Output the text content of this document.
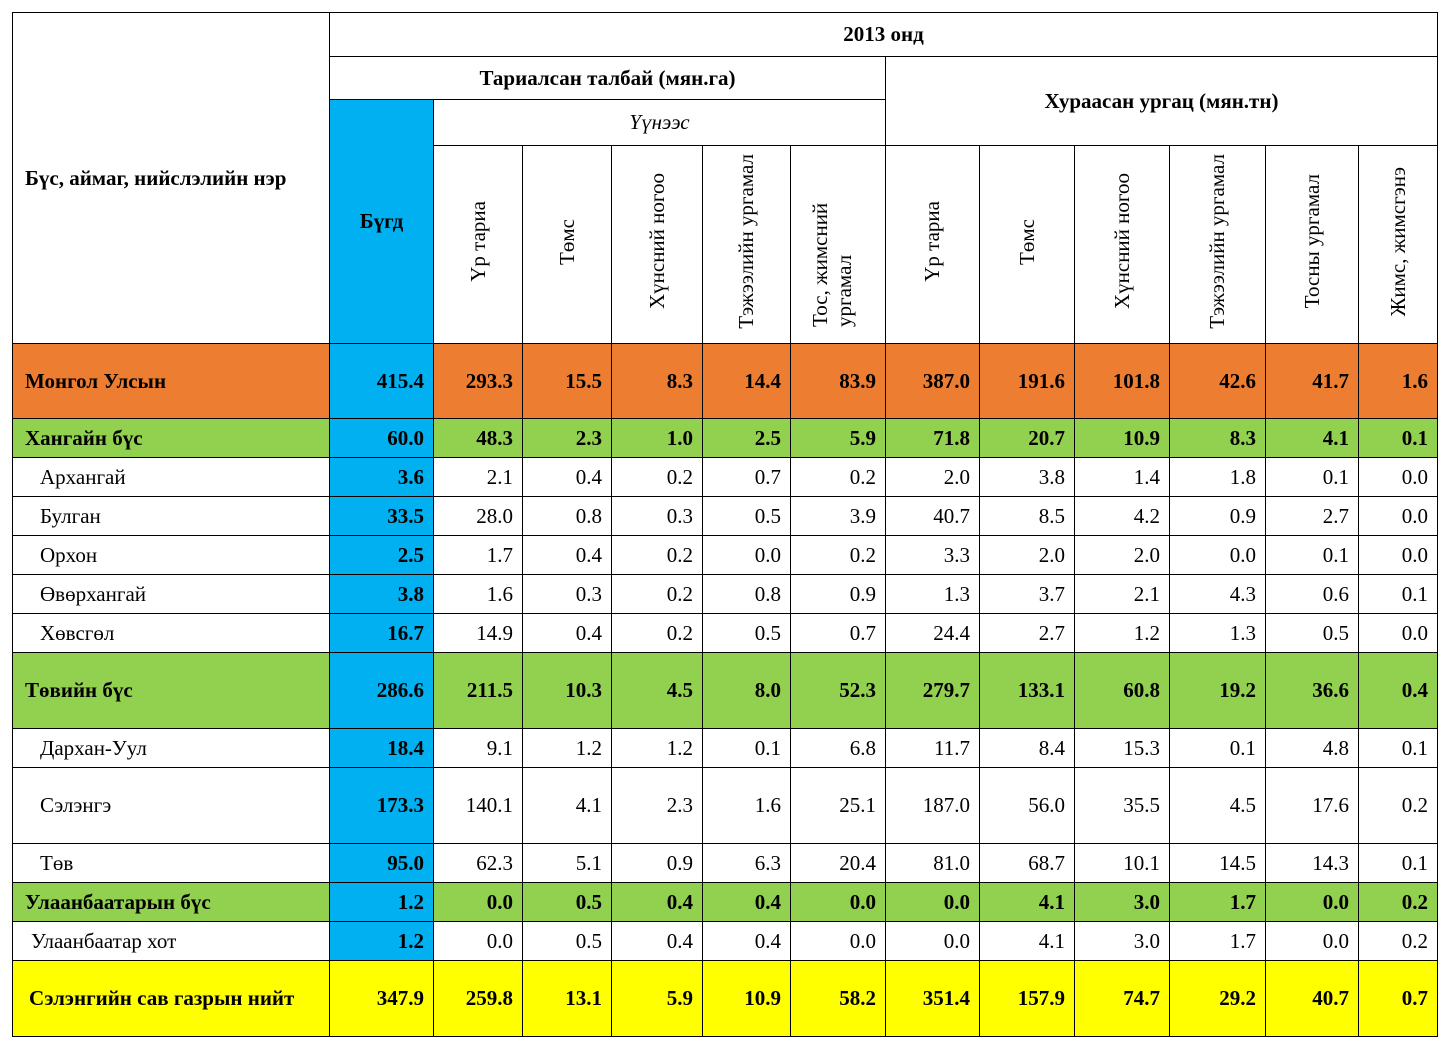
Бүс, аймаг, нийслэлийн нэр	2013 онд											
	Тариалсан талбай (мян.га)						Хураасан ургац (мян.тн)					
	Бүгд	Үүнээс										
		Үр тариа	Төмс	Хүнсний ногоо	Тэжээлийн ургамал	Тос, жимсний ургамал	Үр тариа	Төмс	Хүнсний ногоо	Тэжээлийн ургамал	Тосны ургамал	Жимс, жимсгэнэ
Монгол Улсын	415.4	293.3	15.5	8.3	14.4	83.9	387.0	191.6	101.8	42.6	41.7	1.6
Хангайн бүс	60.0	48.3	2.3	1.0	2.5	5.9	71.8	20.7	10.9	8.3	4.1	0.1
Архангай	3.6	2.1	0.4	0.2	0.7	0.2	2.0	3.8	1.4	1.8	0.1	0.0
Булган	33.5	28.0	0.8	0.3	0.5	3.9	40.7	8.5	4.2	0.9	2.7	0.0
Орхон	2.5	1.7	0.4	0.2	0.0	0.2	3.3	2.0	2.0	0.0	0.1	0.0
Өвөрхангай	3.8	1.6	0.3	0.2	0.8	0.9	1.3	3.7	2.1	4.3	0.6	0.1
Хөвсгөл	16.7	14.9	0.4	0.2	0.5	0.7	24.4	2.7	1.2	1.3	0.5	0.0
Төвийн бүс	286.6	211.5	10.3	4.5	8.0	52.3	279.7	133.1	60.8	19.2	36.6	0.4
Дархан-Уул	18.4	9.1	1.2	1.2	0.1	6.8	11.7	8.4	15.3	0.1	4.8	0.1
Сэлэнгэ	173.3	140.1	4.1	2.3	1.6	25.1	187.0	56.0	35.5	4.5	17.6	0.2
Төв	95.0	62.3	5.1	0.9	6.3	20.4	81.0	68.7	10.1	14.5	14.3	0.1
Улаанбаатарын бүс	1.2	0.0	0.5	0.4	0.4	0.0	0.0	4.1	3.0	1.7	0.0	0.2
Улаанбаатар хот	1.2	0.0	0.5	0.4	0.4	0.0	0.0	4.1	3.0	1.7	0.0	0.2
Сэлэнгийн сав газрын нийт	347.9	259.8	13.1	5.9	10.9	58.2	351.4	157.9	74.7	29.2	40.7	0.7
